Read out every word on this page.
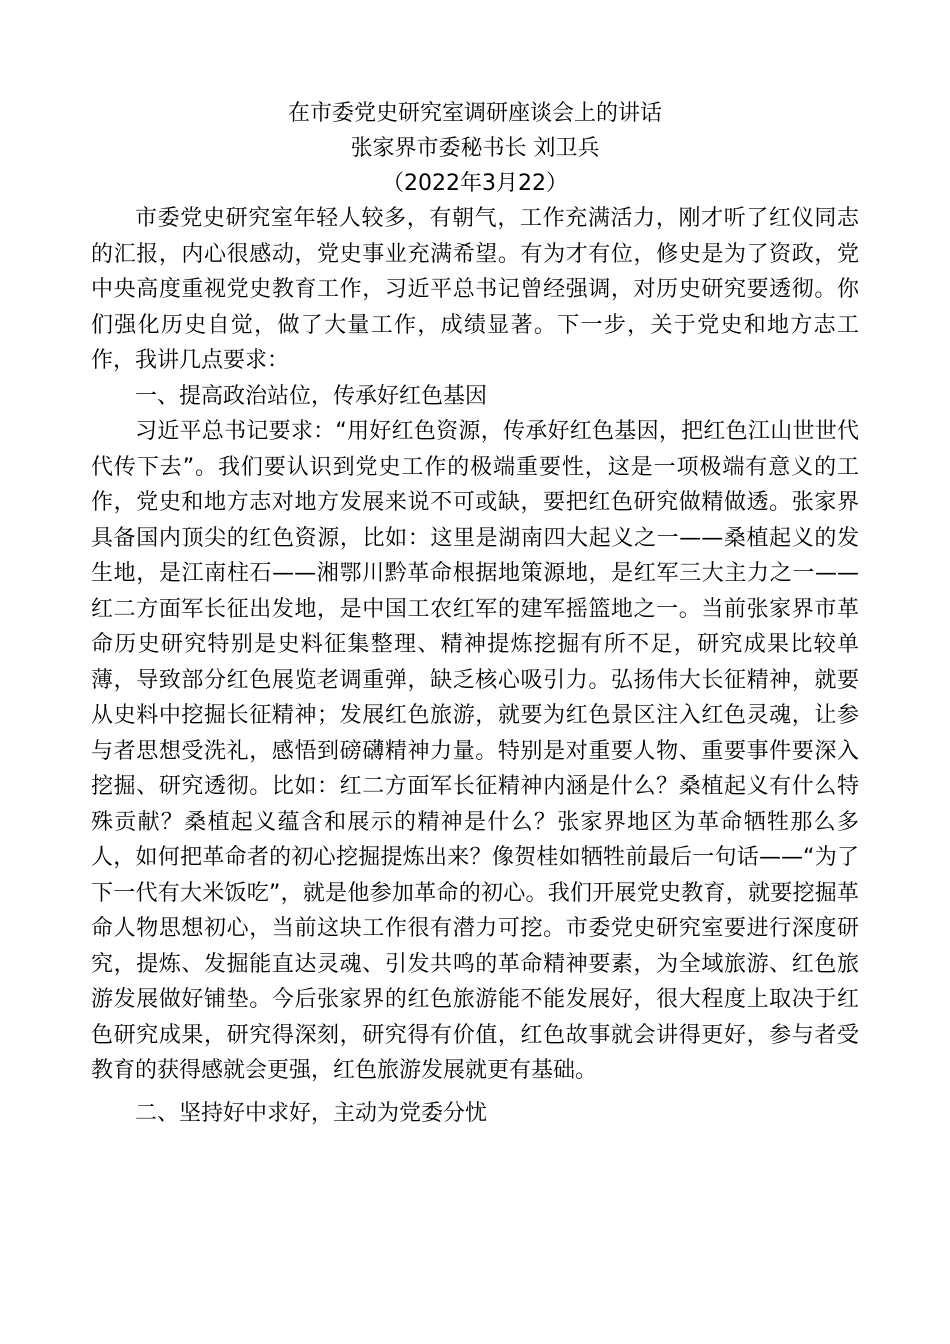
在市委党史研究室调研座谈会上的讲话

张家界市委秘书长 刘卫兵

（2022年3月22）

市委党史研究室年轻人较多，有朝气，工作充满活力，刚才听了红仪同志的汇报，内心很感动，党史事业充满希望。有为才有位，修史是为了资政，党中央高度重视党史教育工作，习近平总书记曾经强调，对历史研究要透彻。你们强化历史自觉，做了大量工作，成绩显著。下一步，关于党史和地方志工作，我讲几点要求：

一、提高政治站位，传承好红色基因

习近平总书记要求：“用好红色资源，传承好红色基因，把红色江山世世代代传下去”。我们要认识到党史工作的极端重要性，这是一项极端有意义的工作，党史和地方志对地方发展来说不可或缺，要把红色研究做精做透。张家界具备国内顶尖的红色资源，比如：这里是湖南四大起义之一——桑植起义的发生地，是江南柱石——湘鄂川黔革命根据地策源地，是红军三大主力之一——红二方面军长征出发地，是中国工农红军的建军摇篮地之一。当前张家界市革命历史研究特别是史料征集整理、精神提炼挖掘有所不足，研究成果比较单薄，导致部分红色展览老调重弹，缺乏核心吸引力。弘扬伟大长征精神，就要从史料中挖掘长征精神；发展红色旅游，就要为红色景区注入红色灵魂，让参与者思想受洗礼，感悟到磅礴精神力量。特别是对重要人物、重要事件要深入挖掘、研究透彻。比如：红二方面军长征精神内涵是什么？桑植起义有什么特殊贡献？桑植起义蕴含和展示的精神是什么？张家界地区为革命牺牲那么多人，如何把革命者的初心挖掘提炼出来？像贺桂如牺牲前最后一句话——“为了下一代有大米饭吃”，就是他参加革命的初心。我们开展党史教育，就要挖掘革命人物思想初心，当前这块工作很有潜力可挖。市委党史研究室要进行深度研究，提炼、发掘能直达灵魂、引发共鸣的革命精神要素，为全域旅游、红色旅游发展做好铺垫。今后张家界的红色旅游能不能发展好，很大程度上取决于红色研究成果，研究得深刻，研究得有价值，红色故事就会讲得更好，参与者受教育的获得感就会更强，红色旅游发展就更有基础。

二、坚持好中求好，主动为党委分忧
